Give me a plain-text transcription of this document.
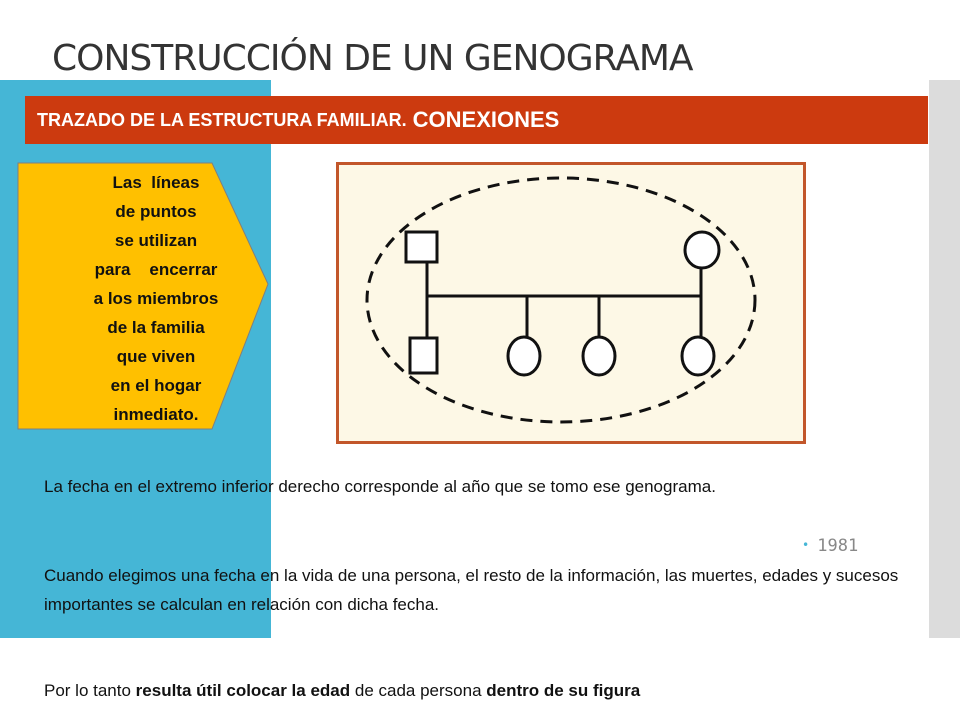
CONSTRUCCIÓN DE UN GENOGRAMA
TRAZADO DE LA ESTRUCTURA FAMILIAR. CONEXIONES
Las  líneas
de puntos
se utilizan
para    encerrar
a los miembros
de la familia
que viven
en el hogar
inmediato.
La fecha en el extremo inferior derecho corresponde al año que se tomo ese genograma.
• 1981
Cuando elegimos una fecha en la vida de una persona, el resto de la información, las muertes, edades y sucesos importantes se calculan en relación con dicha fecha.
Por lo tanto resulta útil colocar la edad de cada persona dentro de su figura
